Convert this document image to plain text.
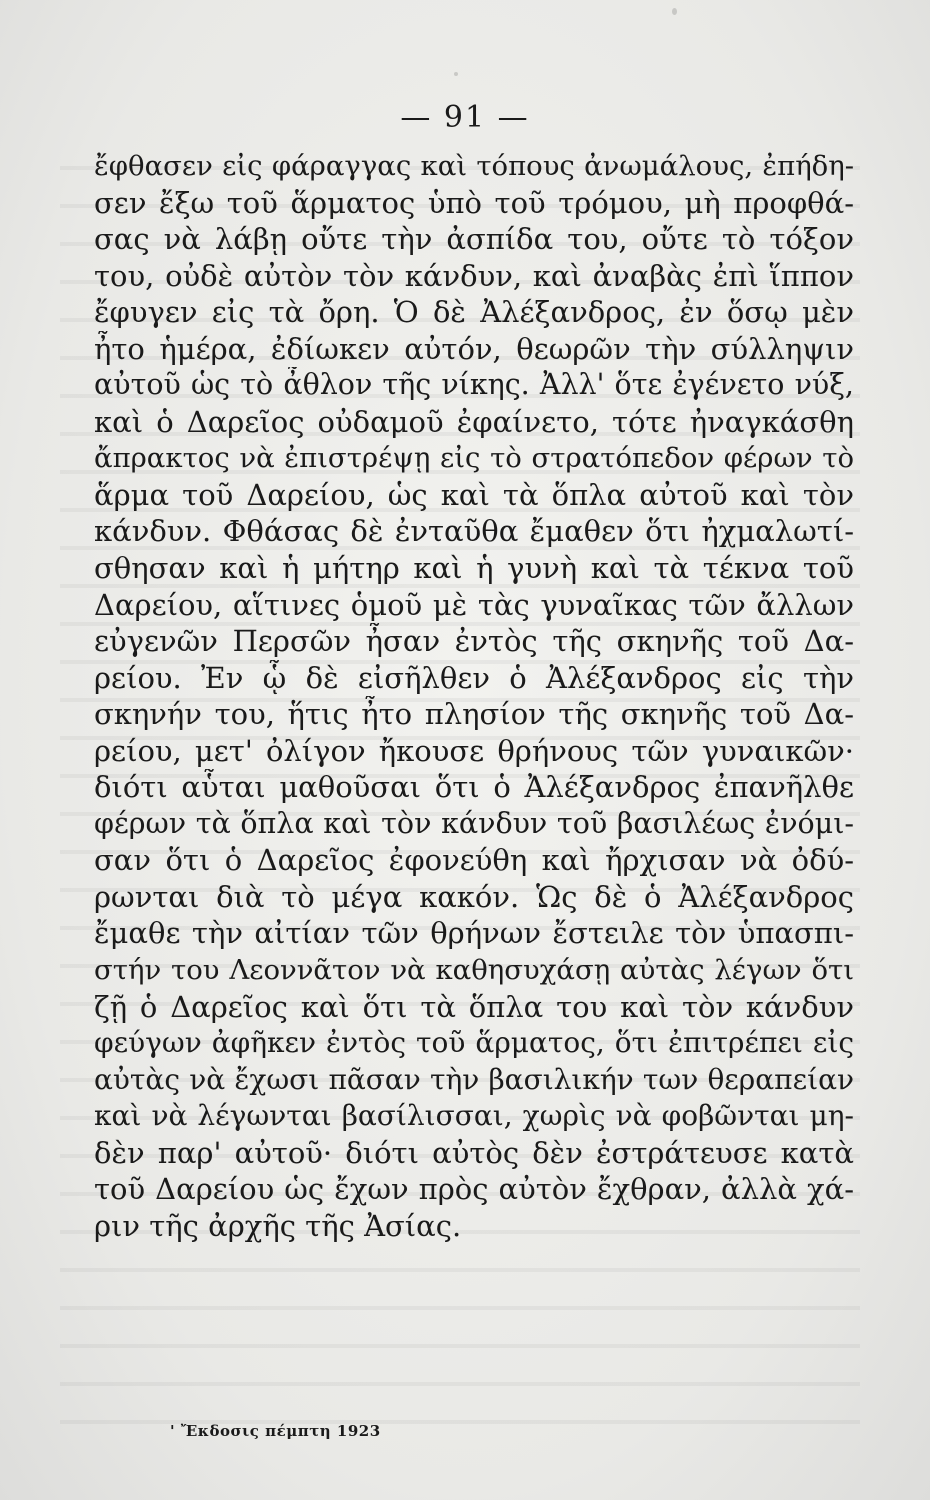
— 91 —
ἔφθασεν εἰς φάραγγας καὶ τόπους ἀνωμάλους, ἐπήδη-
σεν ἔξω τοῦ ἅρματος ὑπὸ τοῦ τρόμου, μὴ προφθά-
σας νὰ λάβῃ οὔτε τὴν ἀσπίδα του, οὔτε τὸ τόξον
του, οὐδὲ αὐτὸν τὸν κάνδυν, καὶ ἀναβὰς ἐπὶ ἵππον
ἔφυγεν εἰς τὰ ὄρη. Ὁ δὲ Ἀλέξανδρος, ἐν ὅσῳ μὲν
ἦτο ἡμέρα, ἐδίωκεν αὐτόν, θεωρῶν τὴν σύλληψιν
αὐτοῦ ὡς τὸ ἆθλον τῆς νίκης. Ἀλλ' ὅτε ἐγένετο νύξ,
καὶ ὁ Δαρεῖος οὐδαμοῦ ἐφαίνετο, τότε ἠναγκάσθη
ἄπρακτος νὰ ἐπιστρέψῃ εἰς τὸ στρατόπεδον φέρων τὸ
ἅρμα τοῦ Δαρείου, ὡς καὶ τὰ ὅπλα αὐτοῦ καὶ τὸν
κάνδυν. Φθάσας δὲ ἐνταῦθα ἔμαθεν ὅτι ἠχμαλωτί-
σθησαν καὶ ἡ μήτηρ καὶ ἡ γυνὴ καὶ τὰ τέκνα τοῦ
Δαρείου, αἵτινες ὁμοῦ μὲ τὰς γυναῖκας τῶν ἄλλων
εὐγενῶν Περσῶν ἦσαν ἐντὸς τῆς σκηνῆς τοῦ Δα-
ρείου. Ἐν ᾧ δὲ εἰσῆλθεν ὁ Ἀλέξανδρος εἰς τὴν
σκηνήν του, ἥτις ἦτο πλησίον τῆς σκηνῆς τοῦ Δα-
ρείου, μετ' ὀλίγον ἤκουσε θρήνους τῶν γυναικῶν·
διότι αὗται μαθοῦσαι ὅτι ὁ Ἀλέξανδρος ἐπανῆλθε
φέρων τὰ ὅπλα καὶ τὸν κάνδυν τοῦ βασιλέως ἐνόμι-
σαν ὅτι ὁ Δαρεῖος ἐφονεύθη καὶ ἤρχισαν νὰ ὀδύ-
ρωνται διὰ τὸ μέγα κακόν. Ὡς δὲ ὁ Ἀλέξανδρος
ἔμαθε τὴν αἰτίαν τῶν θρήνων ἔστειλε τὸν ὑπασπι-
στήν του Λεοννᾶτον νὰ καθησυχάσῃ αὐτὰς λέγων ὅτι
ζῇ ὁ Δαρεῖος καὶ ὅτι τὰ ὅπλα του καὶ τὸν κάνδυν
φεύγων ἀφῆκεν ἐντὸς τοῦ ἅρματος, ὅτι ἐπιτρέπει εἰς
αὐτὰς νὰ ἔχωσι πᾶσαν τὴν βασιλικήν των θεραπείαν
καὶ νὰ λέγωνται βασίλισσαι, χωρὶς νὰ φοβῶνται μη-
δὲν παρ' αὐτοῦ· διότι αὐτὸς δὲν ἐστράτευσε κατὰ
τοῦ Δαρείου ὡς ἔχων πρὸς αὐτὸν ἔχθραν, ἀλλὰ χά-
ριν τῆς ἀρχῆς τῆς Ἀσίας.
' Ἔκδοσις πέμπτη 1923
